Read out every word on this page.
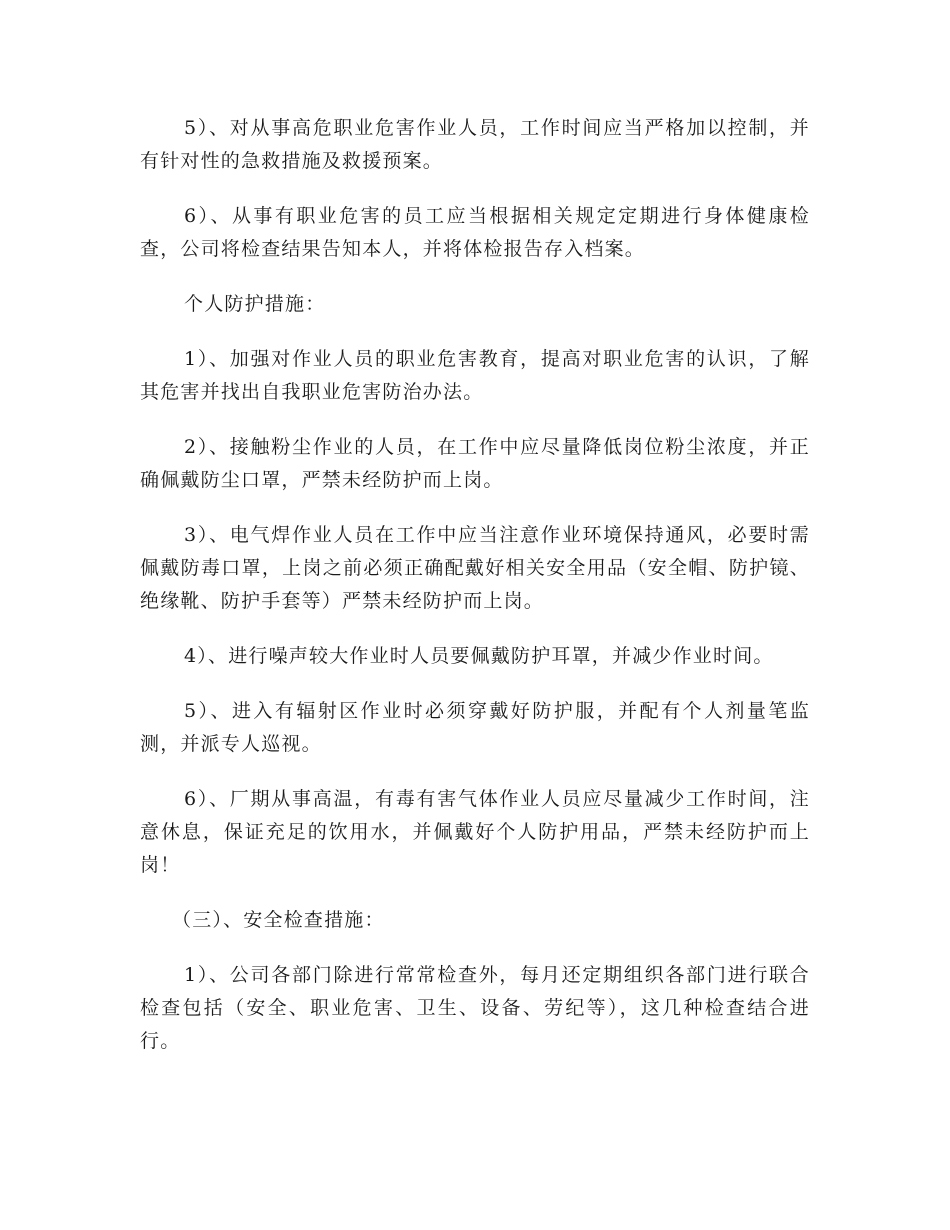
5）、对从事高危职业危害作业人员，工作时间应当严格加以控制，并有针对性的急救措施及救援预案。

6）、从事有职业危害的员工应当根据相关规定定期进行身体健康检查，公司将检查结果告知本人，并将体检报告存入档案。

个人防护措施：

1）、加强对作业人员的职业危害教育，提高对职业危害的认识，了解其危害并找出自我职业危害防治办法。

2）、接触粉尘作业的人员，在工作中应尽量降低岗位粉尘浓度，并正确佩戴防尘口罩，严禁未经防护而上岗。

3）、电气焊作业人员在工作中应当注意作业环境保持通风，必要时需佩戴防毒口罩，上岗之前必须正确配戴好相关安全用品（安全帽、防护镜、绝缘靴、防护手套等）严禁未经防护而上岗。

4）、进行噪声较大作业时人员要佩戴防护耳罩，并减少作业时间。

5）、进入有辐射区作业时必须穿戴好防护服，并配有个人剂量笔监测，并派专人巡视。

6）、厂期从事高温，有毒有害气体作业人员应尽量减少工作时间，注意休息，保证充足的饮用水，并佩戴好个人防护用品，严禁未经防护而上岗！

（三）、安全检查措施：

1）、公司各部门除进行常常检查外，每月还定期组织各部门进行联合检查包括（安全、职业危害、卫生、设备、劳纪等），这几种检查结合进行。
